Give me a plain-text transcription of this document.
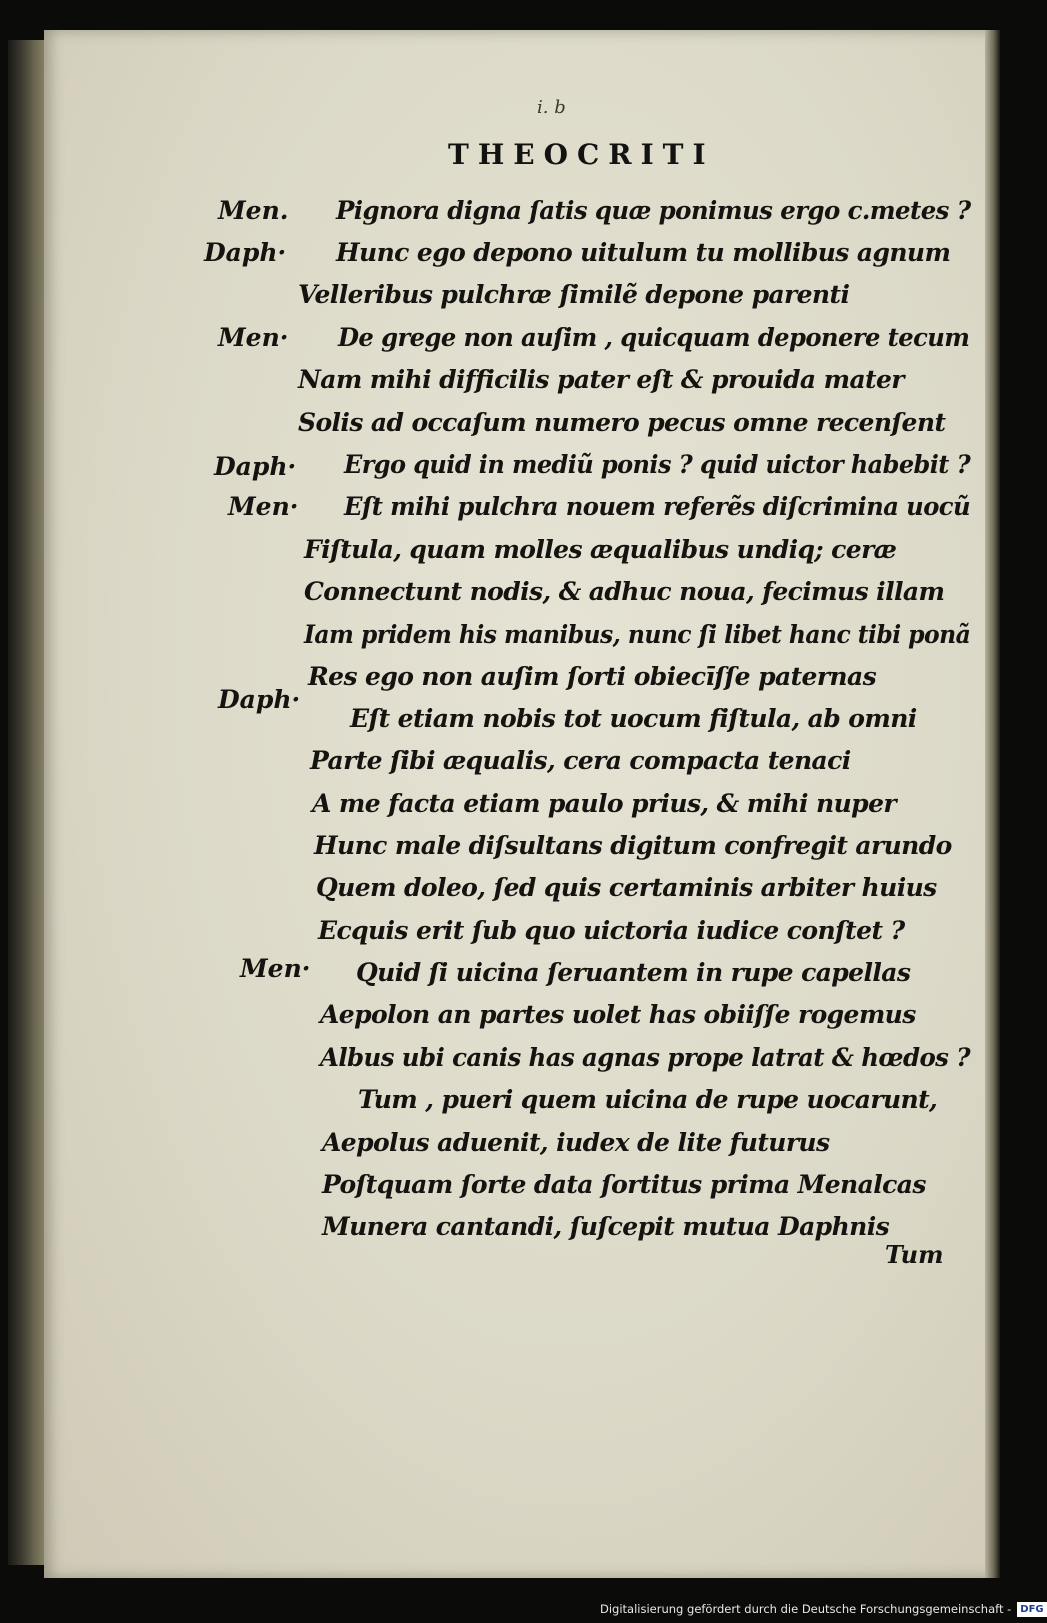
i. b
THEOCRITI
Men.
Daph·
Men·
Daph·
Men·
Daph·
Men·
Pignora digna ſatis quæ ponimus ergo c.metes ?
Hunc ego depono uitulum tu mollibus agnum
Velleribus pulchræ ſimilẽ depone parenti
De grege non auſim , quicquam deponere tecum
Nam mihi difficilis pater eſt & prouida mater
Solis ad occaſum numero pecus omne recenſent
Ergo quid in mediũ ponis ? quid uictor habebit ?
Eſt mihi pulchra nouem referẽs diſcrimina uocũ
Fiſtula, quam molles æqualibus undiq; ceræ
Connectunt nodis, & adhuc noua, fecimus illam
Iam pridem his manibus, nunc ſi libet hanc tibi ponã
Res ego non auſim ſorti obiecīſſe paternas
Eſt etiam nobis tot uocum fiſtula, ab omni
Parte ſibi æqualis, cera compacta tenaci
A me facta etiam paulo prius, & mihi nuper
Hunc male diſsultans digitum confregit arundo
Quem doleo, ſed quis certaminis arbiter huius
Ecquis erit ſub quo uictoria iudice conſtet ?
Quid ſi uicina ſeruantem in rupe capellas
Aepolon an partes uolet has obiiſſe rogemus
Albus ubi canis has agnas prope latrat & hœdos ?
Tum , pueri quem uicina de rupe uocarunt,
Aepolus aduenit, iudex de lite futurus
Poſtquam ſorte data ſortitus prima Menalcas
Munera cantandi, ſuſcepit mutua Daphnis
Tum
Digitalisierung gefördert durch die Deutsche Forschungsgemeinschaft - DFG
